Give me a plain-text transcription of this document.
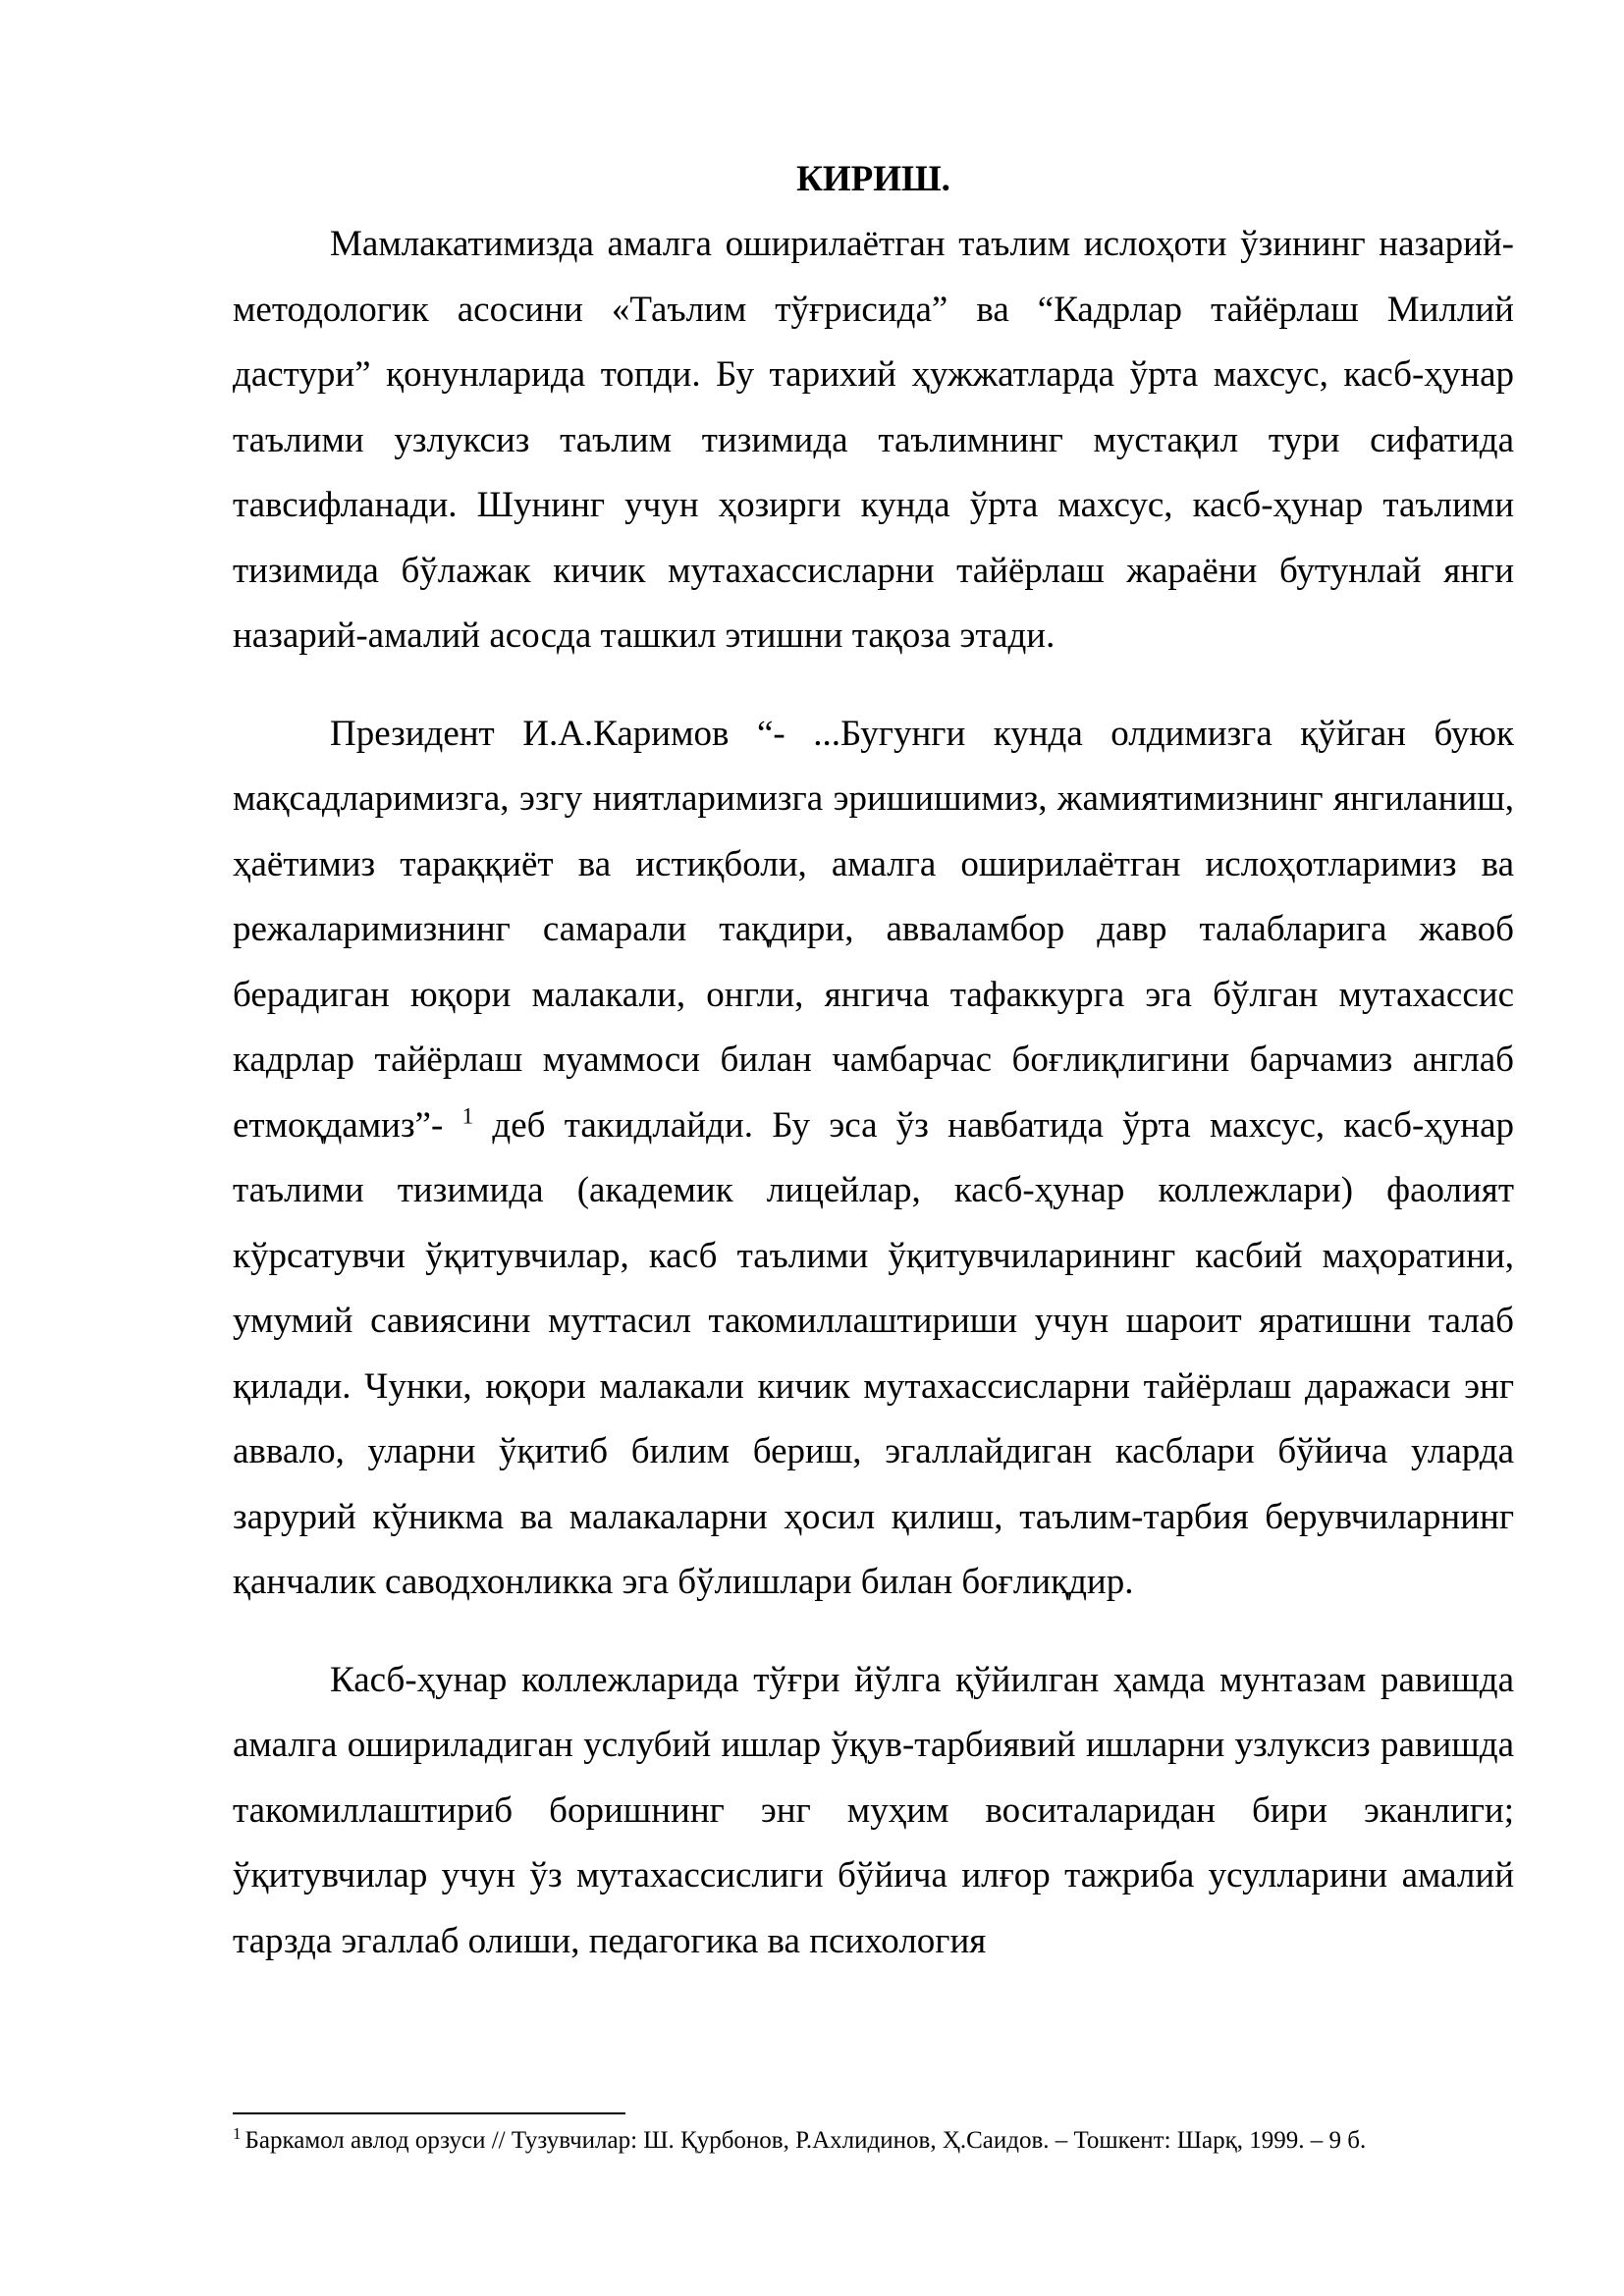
КИРИШ.

Мамлакатимизда амалга оширилаётган таълим ислоҳоти ўзининг назарий-методологик асосини «Таълим тўғрисида” ва “Кадрлар тайёрлаш Миллий дастури” қонунларида топди. Бу тарихий ҳужжатларда ўрта махсус, касб-ҳунар таълими узлуксиз таълим тизимида таълимнинг мустақил тури сифатида тавсифланади. Шунинг учун ҳозирги кунда ўрта махсус, касб-ҳунар таълими тизимида бўлажак кичик мутахассисларни тайёрлаш жараёни бутунлай янги назарий-амалий асосда ташкил этишни тақоза этади.

Президент И.А.Каримов “- ...Бугунги кунда олдимизга қўйган буюк мақсадларимизга, эзгу ниятларимизга эришишимиз, жамиятимизнинг янгиланиш, ҳаётимиз тараққиёт ва истиқболи, амалга оширилаётган ислоҳотларимиз ва режаларимизнинг самарали тақдири, авваламбор давр талабларига жавоб берадиган юқори малакали, онгли, янгича тафаккурга эга бўлган мутахассис кадрлар тайёрлаш муаммоси билан чамбарчас боғлиқлигини барчамиз англаб етмоқдамиз”- $^1$ деб такидлайди. Бу эса ўз навбатида ўрта махсус, касб-ҳунар таълими тизимида (академик лицейлар, касб-ҳунар коллежлари) фаолият кўрсатувчи ўқитувчилар, касб таълими ўқитувчиларининг касбий маҳоратини, умумий савиясини муттасил такомиллаштириши учун шароит яратишни талаб қилади. Чунки, юқори малакали кичик мутахассисларни тайёрлаш даражаси энг аввало, уларни ўқитиб билим бериш, эгаллайдиган касблари бўйича уларда зарурий кўникма ва малакаларни ҳосил қилиш, таълим-тарбия берувчиларнинг қанчалик саводхонликка эга бўлишлари билан боғлиқдир.

Касб-ҳунар коллежларида тўғри йўлга қўйилган ҳамда мунтазам равишда амалга ошириладиган услубий ишлар ўқув-тарбиявий ишларни узлуксиз равишда такомиллаштириб боришнинг энг муҳим воситаларидан бири эканлиги; ўқитувчилар учун ўз мутахассислиги бўйича илғор тажриба усулларини амалий тарзда эгаллаб олиши, педагогика ва психология

$^1$ Баркамол авлод орзуси // Тузувчилар: Ш. Қурбонов, Р.Ахлидинов, Ҳ.Саидов. – Тошкент: Шарқ, 1999. – 9 б.
